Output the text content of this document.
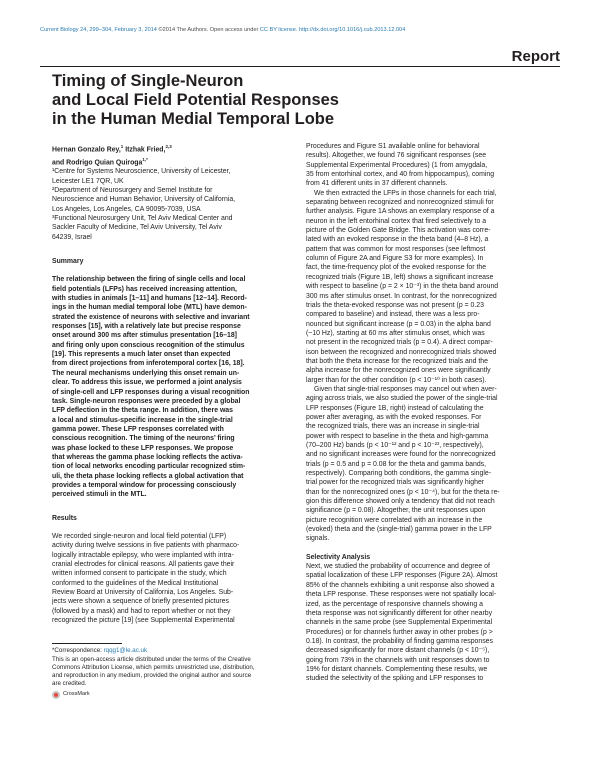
Current Biology 24, 299–304, February 3, 2014 ©2014 The Authors. Open access under CC BY license. http://dx.doi.org/10.1016/j.cub.2013.12.004
Report
Timing of Single-Neuron
and Local Field Potential Responses
in the Human Medial Temporal Lobe
Hernan Gonzalo Rey,$^1$ Itzhak Fried,$^{2,3}$
and Rodrigo Quian Quiroga$^{1,*}$
¹Centre for Systems Neuroscience, University of Leicester,
Leicester LE1 7QR, UK
²Department of Neurosurgery and Semel Institute for
Neuroscience and Human Behavior, University of California,
Los Angeles, Los Angeles, CA 90095-7039, USA
³Functional Neurosurgery Unit, Tel Aviv Medical Center and
Sackler Faculty of Medicine, Tel Aviv University, Tel Aviv
64239, Israel
Summary
The relationship between the firing of single cells and local
field potentials (LFPs) has received increasing attention,
with studies in animals [1–11] and humans [12–14]. Record-
ings in the human medial temporal lobe (MTL) have demon-
strated the existence of neurons with selective and invariant
responses [15], with a relatively late but precise response
onset around 300 ms after stimulus presentation [16–18]
and firing only upon conscious recognition of the stimulus
[19]. This represents a much later onset than expected
from direct projections from inferotemporal cortex [16, 18].
The neural mechanisms underlying this onset remain un-
clear. To address this issue, we performed a joint analysis
of single-cell and LFP responses during a visual recognition
task. Single-neuron responses were preceded by a global
LFP deflection in the theta range. In addition, there was
a local and stimulus-specific increase in the single-trial
gamma power. These LFP responses correlated with
conscious recognition. The timing of the neurons’ firing
was phase locked to these LFP responses. We propose
that whereas the gamma phase locking reflects the activa-
tion of local networks encoding particular recognized stim-
uli, the theta phase locking reflects a global activation that
provides a temporal window for processing consciously
perceived stimuli in the MTL.
Results
We recorded single-neuron and local field potential (LFP)
activity during twelve sessions in five patients with pharmaco-
logically intractable epilepsy, who were implanted with intra-
cranial electrodes for clinical reasons. All patients gave their
written informed consent to participate in the study, which
conformed to the guidelines of the Medical Institutional
Review Board at University of California, Los Angeles. Sub-
jects were shown a sequence of briefly presented pictures
(followed by a mask) and had to report whether or not they
recognized the picture [19] (see Supplemental Experimental
*Correspondence: rqqg1@le.ac.uk
This is an open-access article distributed under the terms of the Creative
Commons Attribution License, which permits unrestricted use, distribution,
and reproduction in any medium, provided the original author and source
are credited.
CrossMark
Procedures and Figure S1 available online for behavioral
results). Altogether, we found 76 significant responses (see
Supplemental Experimental Procedures) (1 from amygdala,
35 from entorhinal cortex, and 40 from hippocampus), coming
from 41 different units in 37 different channels.
We then extracted the LFPs in those channels for each trial,
separating between recognized and nonrecognized stimuli for
further analysis. Figure 1A shows an exemplary response of a
neuron in the left entorhinal cortex that fired selectively to a
picture of the Golden Gate Bridge. This activation was corre-
lated with an evoked response in the theta band (4–8 Hz), a
pattern that was common for most responses (see leftmost
column of Figure 2A and Figure S3 for more examples). In
fact, the time-frequency plot of the evoked response for the
recognized trials (Figure 1B, left) shows a significant increase
with respect to baseline (p = 2 × 10⁻³) in the theta band around
300 ms after stimulus onset. In contrast, for the nonrecognized
trials the theta-evoked response was not present (p = 0.23
compared to baseline) and instead, there was a less pro-
nounced but significant increase (p = 0.03) in the alpha band
(~10 Hz), starting at 60 ms after stimulus onset, which was
not present in the recognized trials (p = 0.4). A direct compar-
ison between the recognized and nonrecognized trials showed
that both the theta increase for the recognized trials and the
alpha increase for the nonrecognized ones were significantly
larger than for the other condition (p < 10⁻¹⁰ in both cases).
Given that single-trial responses may cancel out when aver-
aging across trials, we also studied the power of the single-trial
LFP responses (Figure 1B, right) instead of calculating the
power after averaging, as with the evoked responses. For
the recognized trials, there was an increase in single-trial
power with respect to baseline in the theta and high-gamma
(70–200 Hz) bands (p < 10⁻¹² and p < 10⁻²³, respectively),
and no significant increases were found for the nonrecognized
trials (p = 0.5 and p = 0.08 for the theta and gamma bands,
respectively). Comparing both conditions, the gamma single-
trial power for the recognized trials was significantly higher
than for the nonrecognized ones (p < 10⁻⁴), but for the theta re-
gion this difference showed only a tendency that did not reach
significance (p = 0.08). Altogether, the unit responses upon
picture recognition were correlated with an increase in the
(evoked) theta and the (single-trial) gamma power in the LFP
signals.
Selectivity Analysis
Next, we studied the probability of occurrence and degree of
spatial localization of these LFP responses (Figure 2A). Almost
85% of the channels exhibiting a unit response also showed a
theta LFP response. These responses were not spatially local-
ized, as the percentage of responsive channels showing a
theta response was not significantly different for other nearby
channels in the same probe (see Supplemental Experimental
Procedures) or for channels further away in other probes (p >
0.18). In contrast, the probability of finding gamma responses
decreased significantly for more distant channels (p < 10⁻⁵),
going from 73% in the channels with unit responses down to
19% for distant channels. Complementing these results, we
studied the selectivity of the spiking and LFP responses to
